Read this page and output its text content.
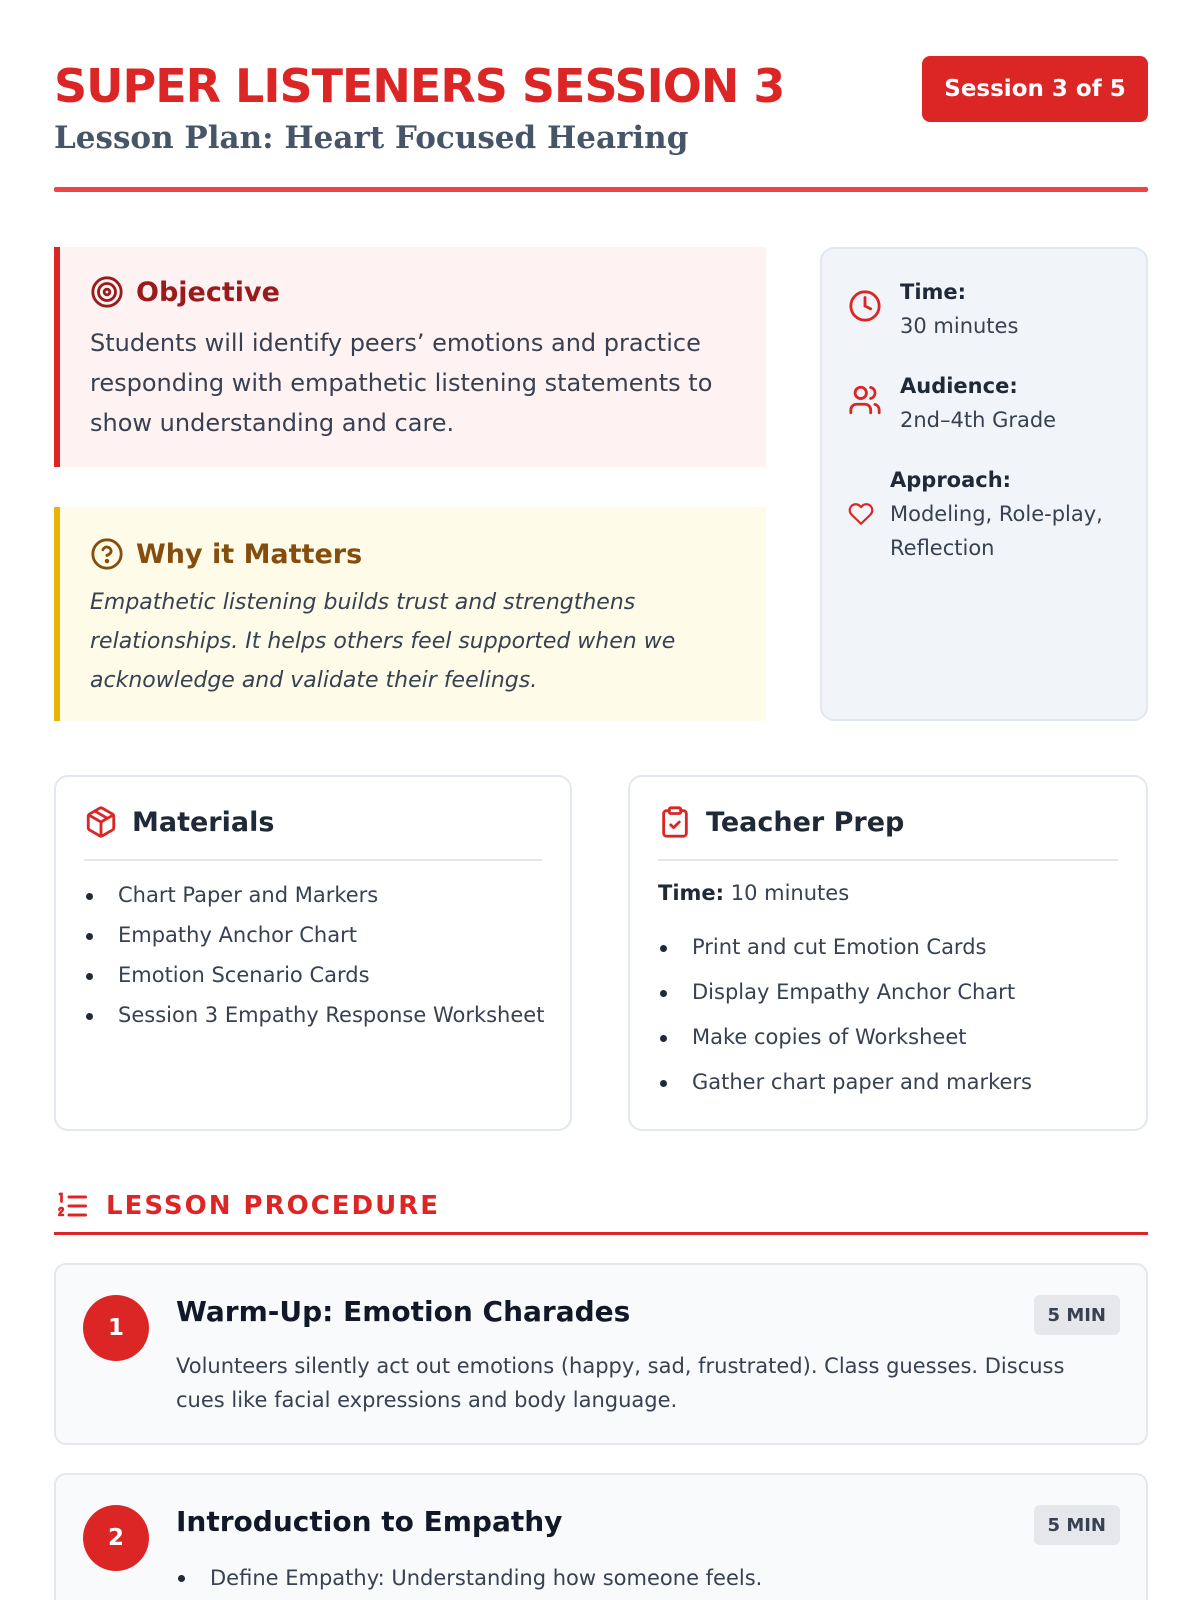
SUPER LISTENERS SESSION 3
Lesson Plan: Heart Focused Hearing
Session 3 of 5
Objective
Students will identify peers’ emotions and practice responding with empathetic listening statements to show understanding and care.
Why it Matters
Empathetic listening builds trust and strengthens relationships. It helps others feel supported when we acknowledge and validate their feelings.
Time:
30 minutes
Audience:
2nd–4th Grade
Approach:
Modeling, Role-play, Reflection
Materials
Chart Paper and Markers
Empathy Anchor Chart
Emotion Scenario Cards
Session 3 Empathy Response Worksheet
Teacher Prep
Time: 10 minutes
Print and cut Emotion Cards
Display Empathy Anchor Chart
Make copies of Worksheet
Gather chart paper and markers
LESSON PROCEDURE
1	Warm-Up: Emotion Charades	5 MIN
Volunteers silently act out emotions (happy, sad, frustrated). Class guesses. Discuss cues like facial expressions and body language.
2	Introduction to Empathy	5 MIN
Define Empathy: Understanding how someone feels.
